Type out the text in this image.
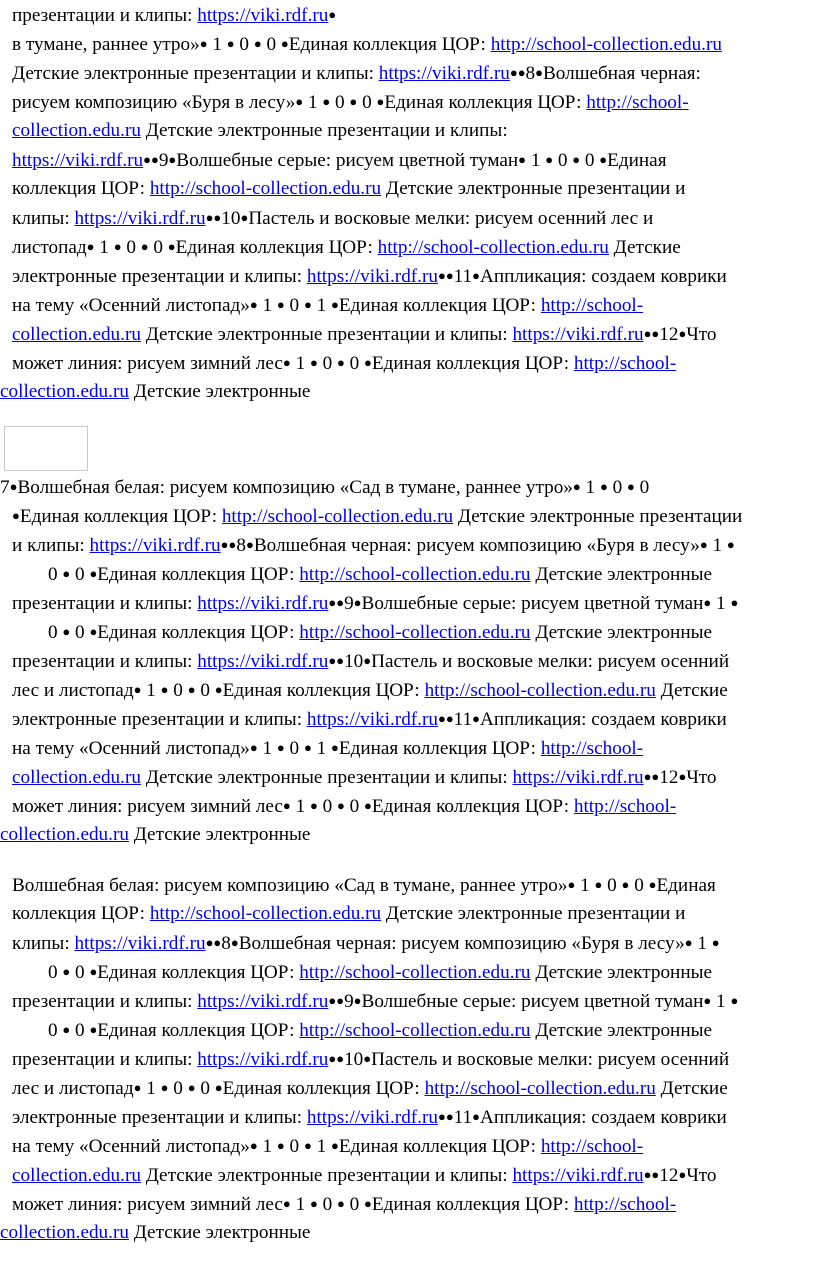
презентации и клипы: https://viki.rdf.ru●
в тумане, раннее утро»● 1 ● 0 ● 0 ●Единая коллекция ЦОР: http://school-collection.edu.ru
Детские электронные презентации и клипы: https://viki.rdf.ru●●8●Волшебная черная:
рисуем композицию «Буря в лесу»● 1 ● 0 ● 0 ●Единая коллекция ЦОР: http://school-
collection.edu.ru Детские электронные презентации и клипы:
https://viki.rdf.ru●●9●Волшебные серые: рисуем цветной туман● 1 ● 0 ● 0 ●Единая
коллекция ЦОР: http://school-collection.edu.ru Детские электронные презентации и
клипы: https://viki.rdf.ru●●10●Пастель и восковые мелки: рисуем осенний лес и
листопад● 1 ● 0 ● 0 ●Единая коллекция ЦОР: http://school-collection.edu.ru Детские
электронные презентации и клипы: https://viki.rdf.ru●●11●Аппликация: создаем коврики
на тему «Осенний листопад»● 1 ● 0 ● 1 ●Единая коллекция ЦОР: http://school-
collection.edu.ru Детские электронные презентации и клипы: https://viki.rdf.ru●●12●Что
может линия: рисуем зимний лес● 1 ● 0 ● 0 ●Единая коллекция ЦОР: http://school-
collection.edu.ru Детские электронные
7●Волшебная белая: рисуем композицию «Сад в тумане, раннее утро»● 1 ● 0 ● 0
●Единая коллекция ЦОР: http://school-collection.edu.ru Детские электронные презентации
и клипы: https://viki.rdf.ru●●8●Волшебная черная: рисуем композицию «Буря в лесу»● 1 ●
0 ● 0 ●Единая коллекция ЦОР: http://school-collection.edu.ru Детские электронные
презентации и клипы: https://viki.rdf.ru●●9●Волшебные серые: рисуем цветной туман● 1 ●
0 ● 0 ●Единая коллекция ЦОР: http://school-collection.edu.ru Детские электронные
презентации и клипы: https://viki.rdf.ru●●10●Пастель и восковые мелки: рисуем осенний
лес и листопад● 1 ● 0 ● 0 ●Единая коллекция ЦОР: http://school-collection.edu.ru Детские
электронные презентации и клипы: https://viki.rdf.ru●●11●Аппликация: создаем коврики
на тему «Осенний листопад»● 1 ● 0 ● 1 ●Единая коллекция ЦОР: http://school-
collection.edu.ru Детские электронные презентации и клипы: https://viki.rdf.ru●●12●Что
может линия: рисуем зимний лес● 1 ● 0 ● 0 ●Единая коллекция ЦОР: http://school-
collection.edu.ru Детские электронные
Волшебная белая: рисуем композицию «Сад в тумане, раннее утро»● 1 ● 0 ● 0 ●Единая
коллекция ЦОР: http://school-collection.edu.ru Детские электронные презентации и
клипы: https://viki.rdf.ru●●8●Волшебная черная: рисуем композицию «Буря в лесу»● 1 ●
0 ● 0 ●Единая коллекция ЦОР: http://school-collection.edu.ru Детские электронные
презентации и клипы: https://viki.rdf.ru●●9●Волшебные серые: рисуем цветной туман● 1 ●
0 ● 0 ●Единая коллекция ЦОР: http://school-collection.edu.ru Детские электронные
презентации и клипы: https://viki.rdf.ru●●10●Пастель и восковые мелки: рисуем осенний
лес и листопад● 1 ● 0 ● 0 ●Единая коллекция ЦОР: http://school-collection.edu.ru Детские
электронные презентации и клипы: https://viki.rdf.ru●●11●Аппликация: создаем коврики
на тему «Осенний листопад»● 1 ● 0 ● 1 ●Единая коллекция ЦОР: http://school-
collection.edu.ru Детские электронные презентации и клипы: https://viki.rdf.ru●●12●Что
может линия: рисуем зимний лес● 1 ● 0 ● 0 ●Единая коллекция ЦОР: http://school-
collection.edu.ru Детские электронные
